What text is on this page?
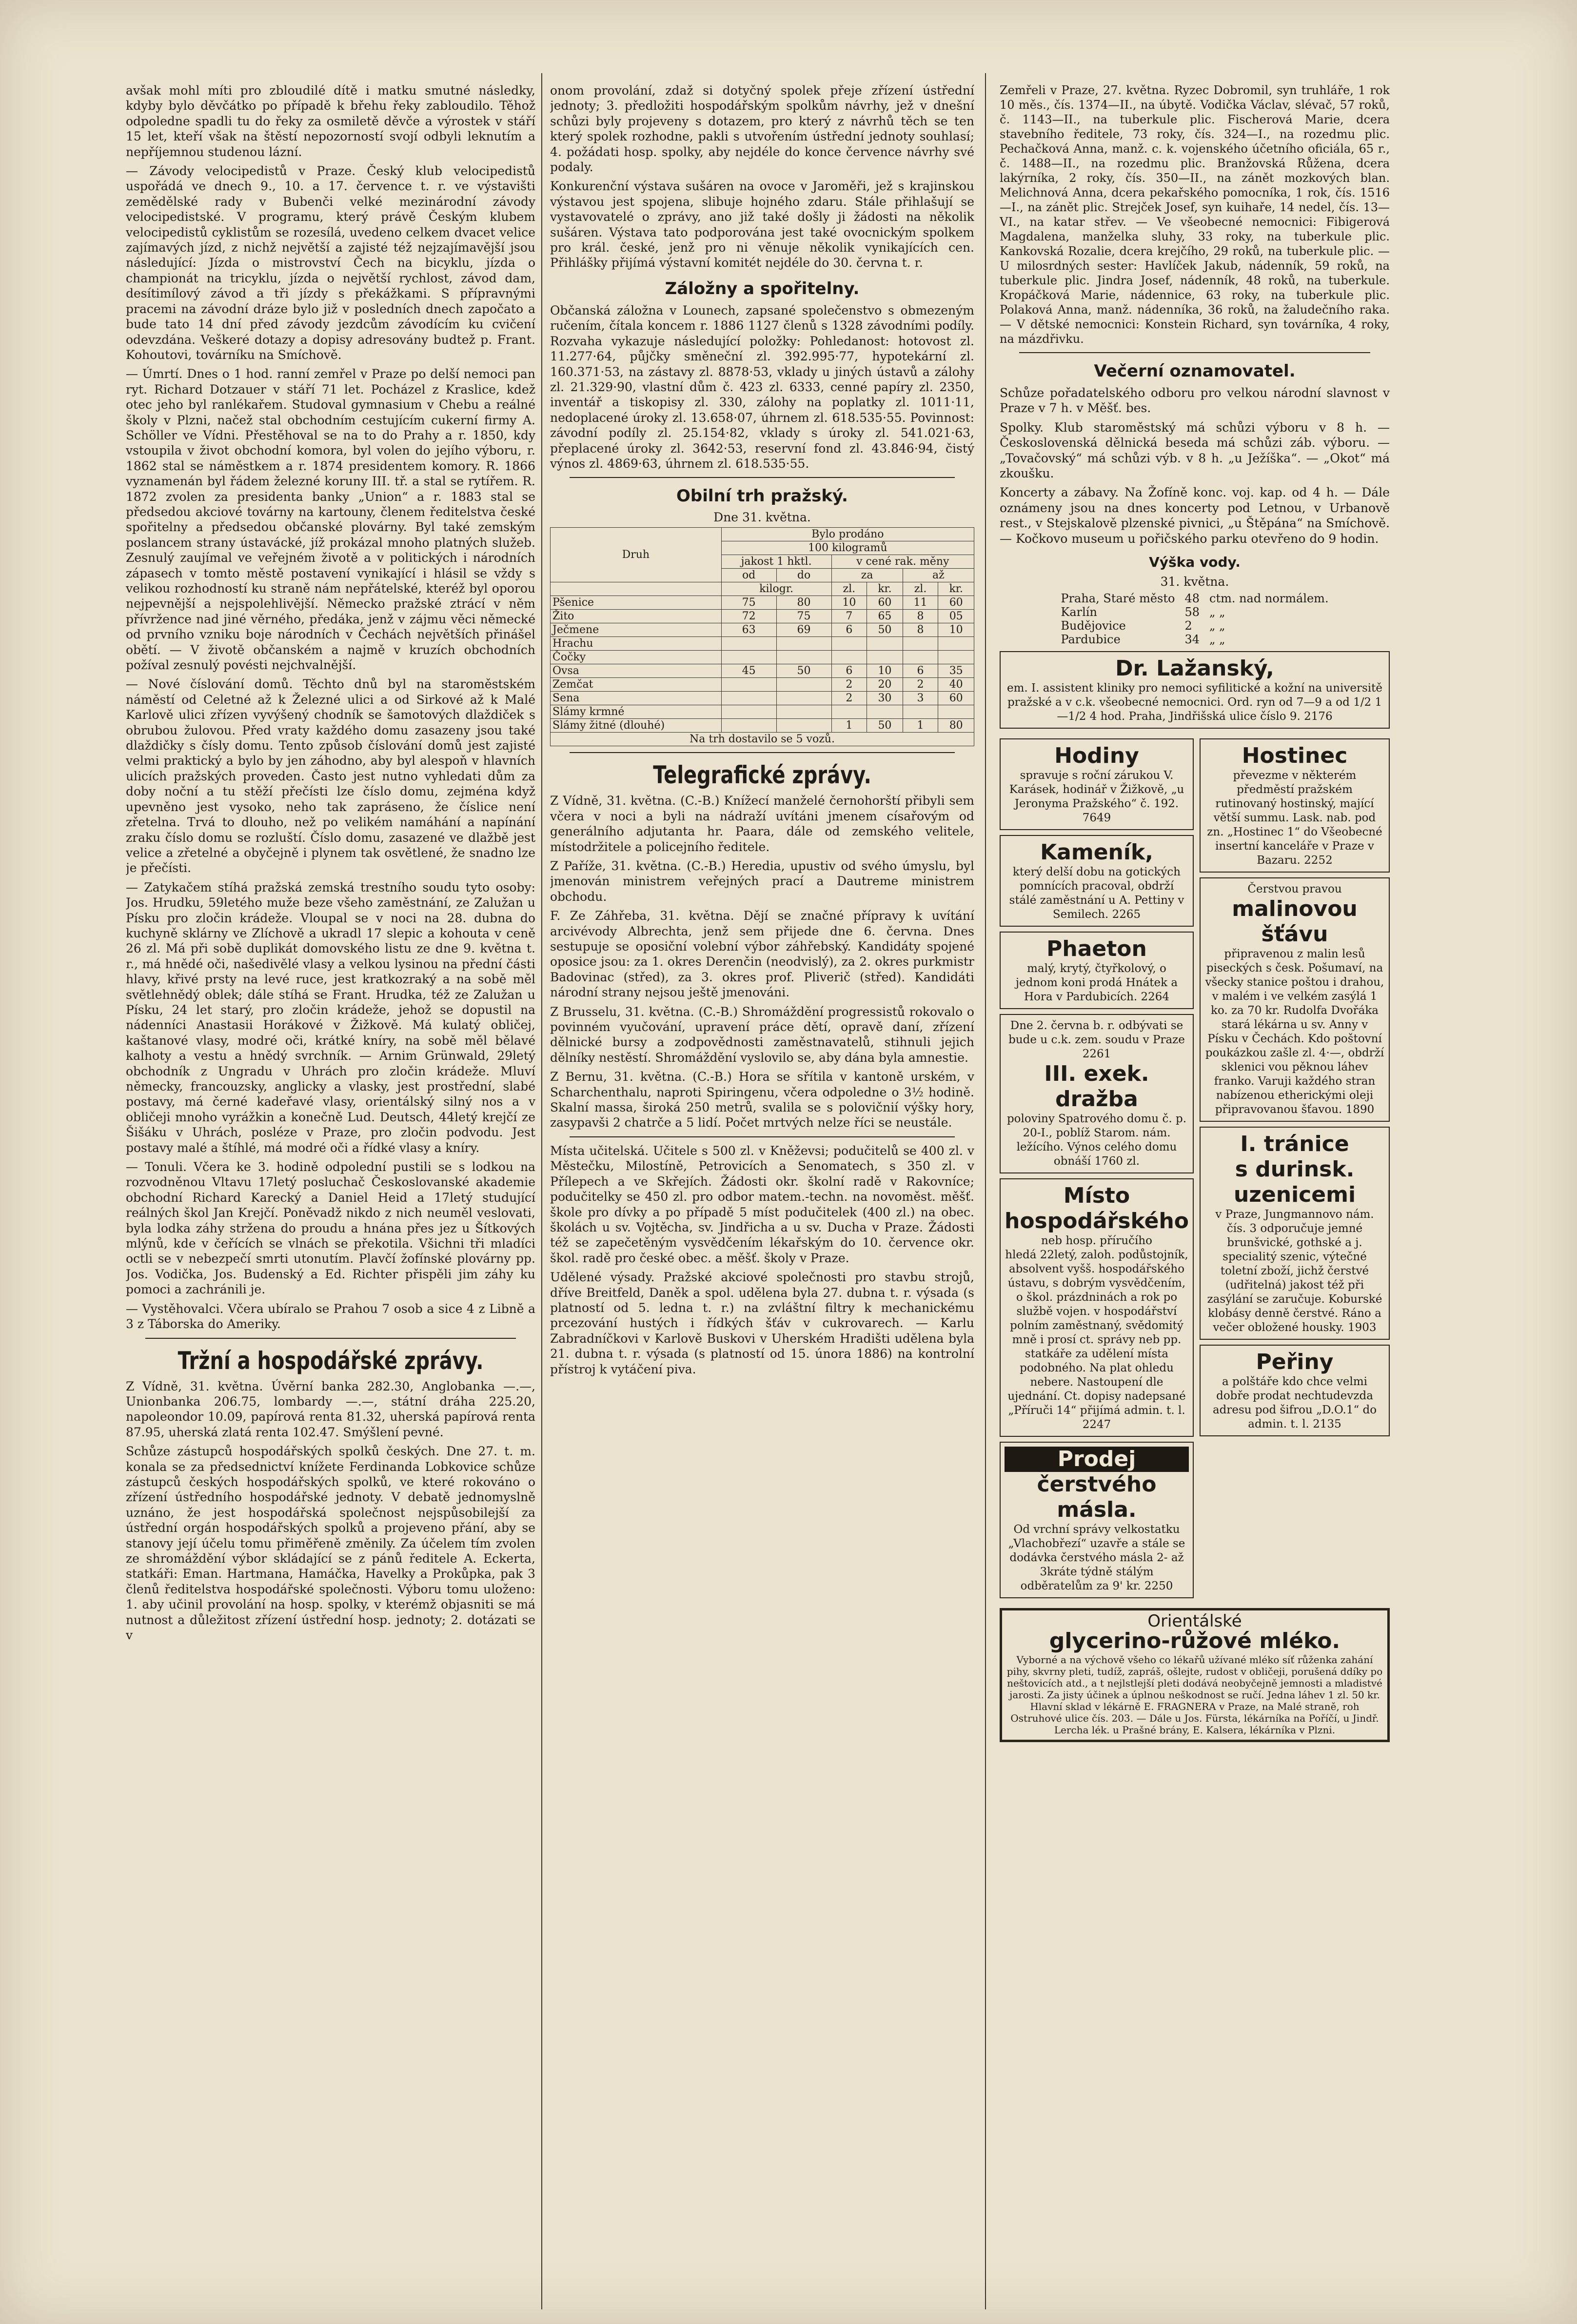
avšak mohl míti pro zbloudilé dítě i matku smutné následky, kdyby bylo děvčátko po případě k břehu řeky zabloudilo. Těhož odpoledne spadli tu do řeky za osmiletě děvče a výrostek v stáří 15 let, kteří však na štěstí nepozorností svojí odbyli leknutím a nepříjemnou studenou lázní.

— Závody velocipedistů v Praze. Český klub velocipedistů uspořádá ve dnech 9., 10. a 17. července t. r. ve výstavišti zemědělské rady v Bubenči velké mezinárodní závody velocipedistské. V programu, který právě Českým klubem velocipedistů cyklistům se rozesílá, uvedeno celkem dvacet velice zajímavých jízd, z nichž největší a zajisté též nejzajímavější jsou následující: Jízda o mistrovství Čech na bicyklu, jízda o championát na tricyklu, jízda o největší rychlost, závod dam, desítimílový závod a tři jízdy s překážkami. S přípravnými pracemi na závodní dráze bylo již v posledních dnech započato a bude tato 14 dní před závody jezdcům závodícím ku cvičení odevzdána. Veškeré dotazy a dopisy adresovány budtež p. Frant. Kohoutovi, továrníku na Smíchově.

— Úmrtí. Dnes o 1 hod. ranní zemřel v Praze po delší nemoci pan ryt. Richard Dotzauer v stáří 71 let. Pocházel z Kraslice, kdež otec jeho byl ranlékařem. Studoval gymnasium v Chebu a reálné školy v Plzni, načež stal obchodním cestujícím cukerní firmy A. Schöller ve Vídni. Přestěhoval se na to do Prahy a r. 1850, kdy vstoupila v život obchodní komora, byl volen do jejího výboru, r. 1862 stal se náměstkem a r. 1874 presidentem komory. R. 1866 vyznamenán byl řádem železné koruny III. tř. a stal se rytířem. R. 1872 zvolen za presidenta banky „Union“ a r. 1883 stal se předsedou akciové továrny na kartouny, členem ředitelstva české spořitelny a předsedou občanské plovárny. Byl také zemským poslancem strany ústavácké, jíž prokázal mnoho platných služeb. Zesnulý zaujímal ve veřejném životě a v politických i národních zápasech v tomto městě postavení vynikající i hlásil se vždy s velikou rozhodností ku straně nám nepřátelské, kteréž byl oporou nejpevnější a nejspolehlivější. Německo pražské ztrácí v něm přívržence nad jiné věrného, předáka, jenž v zájmu věci německé od prvního vzniku boje národních v Čechách největších přinášel obětí. — V životě občanském a najmě v kruzích obchodních požíval zesnulý povésti nejchvalnější.

— Nové číslování domů. Těchto dnů byl na staroměstském náměstí od Celetné až k Železné ulici a od Sirkové až k Malé Karlově ulici zřízen vyvýšený chodník se šamotových dlaždiček s obrubou žulovou. Před vraty každého domu zasazeny jsou také dlaždičky s čísly domu. Tento způsob číslování domů jest zajisté velmi praktický a bylo by jen záhodno, aby byl alespoň v hlavních ulicích pražských proveden. Často jest nutno vyhledati dům za doby noční a tu stěží přečísti lze číslo domu, zejména když upevněno jest vysoko, neho tak zapráseno, že číslice není zřetelna. Trvá to dlouho, než po velikém namáhání a napínání zraku číslo domu se rozluští. Číslo domu, zasazené ve dlažbě jest velice a zřetelné a obyčejně i plynem tak osvětlené, že snadno lze je přečísti.

— Zatykačem stíhá pražská zemská trestního soudu tyto osoby: Jos. Hrudku, 59letého muže beze všeho zaměstnání, ze Zalužan u Písku pro zločin krádeže. Vloupal se v noci na 28. dubna do kuchyně sklárny ve Zlíchově a ukradl 17 slepic a kohouta v ceně 26 zl. Má při sobě duplikát domovského listu ze dne 9. května t. r., má hnědé oči, našedivělé vlasy a velkou lysinou na přední části hlavy, křivé prsty na levé ruce, jest kratkozraký a na sobě měl světlehnědý oblek; dále stíhá se Frant. Hrudka, též ze Zalužan u Písku, 24 let starý, pro zločin krádeže, jehož se dopustil na nádenníci Anastasii Horákové v Žižkově. Má kulatý obličej, kaštanové vlasy, modré oči, krátké kníry, na sobě měl bělavé kalhoty a vestu a hnědý svrchník. — Arnim Grünwald, 29letý obchodník z Ungradu v Uhrách pro zločin krádeže. Mluví německy, francouzsky, anglicky a vlasky, jest prostřední, slabé postavy, má černé kadeřavé vlasy, orientálský silný nos a v obličeji mnoho vyrážkin a konečně Lud. Deutsch, 44letý krejčí ze Šišáku v Uhrách, posléze v Praze, pro zločin podvodu. Jest postavy malé a štíhlé, má modré oči a řídké vlasy a kníry.

— Tonuli. Včera ke 3. hodině odpolední pustili se s lodkou na rozvodněnou Vltavu 17letý posluchač Českoslovanské akademie obchodní Richard Karecký a Daniel Heid a 17letý studující reálných škol Jan Krejčí. Poněvadž nikdo z nich neuměl veslovati, byla lodka záhy stržena do proudu a hnána přes jez u Šítkových mlýnů, kde v čeřících se vlnách se překotila. Všichni tři mladíci octli se v nebezpečí smrti utonutím. Plavčí žofínské plovárny pp. Jos. Vodička, Jos. Budenský a Ed. Richter přispěli jim záhy ku pomoci a zachránili je.

— Vystěhovalci. Včera ubíralo se Prahou 7 osob a sice 4 z Libně a 3 z Táborska do Ameriky.

Tržní a hospodářské zprávy.

Z Vídně, 31. května. Úvěrní banka 282.30, Anglobanka —.—, Unionbanka 206.75, lombardy —.—, státní dráha 225.20, napoleondor 10.09, papírová renta 81.32, uherská papírová renta 87.95, uherská zlatá renta 102.47. Smýšlení pevné.

Schůze zástupců hospodářských spolků českých. Dne 27. t. m. konala se za předsednictví knížete Ferdinanda Lobkovice schůze zástupců českých hospodářských spolků, ve které rokováno o zřízení ústředního hospodářské jednoty. V debatě jednomyslně uznáno, že jest hospodářská společnost nejspůsobilejší za ústřední orgán hospodářských spolků a projeveno přání, aby se stanovy její účelu tomu přiměřeně změnily. Za účelem tím zvolen ze shromáždění výbor skládající se z pánů ředitele A. Eckerta, statkáři: Eman. Hartmana, Hamáčka, Havelky a Prokůpka, pak 3 členů ředitelstva hospodářské společnosti. Výboru tomu uloženo: 1. aby učinil provolání na hosp. spolky, v kterémž objasniti se má nutnost a důležitost zřízení ústřední hosp. jednoty; 2. dotázati se v

onom provolání, zdaž si dotyčný spolek přeje zřízení ústřední jednoty; 3. předložiti hospodářským spolkům návrhy, jež v dnešní schůzi byly projeveny s dotazem, pro který z návrhů těch se ten který spolek rozhodne, pakli s utvořením ústřední jednoty souhlasí; 4. požádati hosp. spolky, aby nejdéle do konce července návrhy své podaly.

Konkurenční výstava sušáren na ovoce v Jaroměři, jež s krajinskou výstavou jest spojena, slibuje hojného zdaru. Stále přihlašují se vystavovatelé o zprávy, ano již také došly ji žádosti na několik sušáren. Výstava tato podporována jest také ovocnickým spolkem pro král. české, jenž pro ni věnuje několik vynikajících cen. Přihlášky přijímá výstavní komitét nejdéle do 30. června t. r.

Záložny a spořitelny.

Občanská záložna v Lounech, zapsané společenstvo s obmezeným ručením, čítala koncem r. 1886 1127 členů s 1328 závodními podíly. Rozvaha vykazuje následující položky: Pohledanost: hotovost zl. 11.277·64, půjčky směneční zl. 392.995·77, hypotekární zl. 160.371·53, na zástavy zl. 8878·53, vklady u jiných ústavů a zálohy zl. 21.329·90, vlastní dům č. 423 zl. 6333, cenné papíry zl. 2350, inventář a tiskopisy zl. 330, zálohy na poplatky zl. 1011·11, nedoplacené úroky zl. 13.658·07, úhrnem zl. 618.535·55. Povinnost: závodní podíly zl. 25.154·82, vklady s úroky zl. 541.021·63, přeplacené úroky zl. 3642·53, reservní fond zl. 43.846·94, čistý výnos zl. 4869·63, úhrnem zl. 618.535·55.

Obilní trh pražský.
Dne 31. května.
Druh	Bylo prodáno					
	100 kilogramů					
	jakost 1 hktl.		v cené rak. měny			
	od	do	za		až	
	kilogr.		zl.	kr.	zl.	kr.
Pšenice	75	80	10	60	11	60
Žito	72	75	7	65	8	05
Ječmene	63	69	6	50	8	10
Hrachu						
Čočky						
Ovsa	45	50	6	10	6	35
Zemčat			2	20	2	40
Sena			2	30	3	60
Slámy krmné						
Slámy žitné (dlouhé)			1	50	1	80
Na trh dostavilo se 5 vozů.						
Telegrafické zprávy.

Z Vídně, 31. května. (C.-B.) Knížecí manželé černohorští přibyli sem včera v noci a byli na nádraží uvítáni jmenem císařovým od generálního adjutanta hr. Paara, dále od zemského velitele, místodržitele a policejního ředitele.

Z Paříže, 31. května. (C.-B.) Heredia, upustiv od svého úmyslu, byl jmenován ministrem veřejných prací a Dautreme ministrem obchodu.

F. Ze Záhřeba, 31. května. Dějí se značné přípravy k uvítání arcivévody Albrechta, jenž sem přijede dne 6. června. Dnes sestupuje se oposiční volební výbor záhřebský. Kandidáty spojené oposice jsou: za 1. okres Derenčin (neodvislý), za 2. okres purkmistr Badovinac (střed), za 3. okres prof. Pliverič (střed). Kandidáti národní strany nejsou ještě jmenováni.

Z Brusselu, 31. května. (C.-B.) Shromáždění progressistů rokovalo o povinném vyučování, upravení práce dětí, opravě daní, zřízení dělnické bursy a zodpovědnosti zaměstnavatelů, stihnuli jejich dělníky nestěstí. Shromáždění vyslovilo se, aby dána byla amnestie.

Z Bernu, 31. května. (C.-B.) Hora se sřítila v kantoně urském, v Scharchenthalu, naproti Spiringenu, včera odpoledne o 3½ hodině. Skalní massa, široká 250 metrů, svalila se s polovičnií výšky hory, zasypavši 2 chatrče a 5 lidí. Počet mrtvých nelze říci se neustále.

Místa učitelská. Učitele s 500 zl. v Kněževsi; podučitelů se 400 zl. v Městečku, Milostíně, Petrovicích a Senomatech, s 350 zl. v Přílepech a ve Skřejích. Žádosti okr. školní radě v Rakovníce; podučitelky se 450 zl. pro odbor matem.-techn. na novoměst. měšť. škole pro dívky a po případě 5 míst podučitelek (400 zl.) na obec. školách u sv. Vojtěcha, sv. Jindřicha a u sv. Ducha v Praze. Žádosti též se zapečetěným vysvědčením lékařským do 10. července okr. škol. radě pro české obec. a měšť. školy v Praze.

Udělené výsady. Pražské akciové společnosti pro stavbu strojů, dříve Breitfeld, Daněk a spol. udělena byla 27. dubna t. r. výsada (s platností od 5. ledna t. r.) na zvláštní filtry k mechanickému prcezování hustých i řídkých šťáv v cukrovarech. — Karlu Zabradníčkovi v Karlově Buskovi v Uherském Hradišti udělena byla 21. dubna t. r. výsada (s platností od 15. února 1886) na kontrolní přístroj k vytáčení piva.

Zemřeli v Praze, 27. května. Ryzec Dobromil, syn truhláře, 1 rok 10 měs., čís. 1374—II., na úbytě. Vodička Václav, slévač, 57 roků, č. 1143—II., na tuberkule plic. Fischerová Marie, dcera stavebního ředitele, 73 roky, čís. 324—I., na rozedmu plic. Pechačková Anna, manž. c. k. vojenského účetního oficiála, 65 r., č. 1488—II., na rozedmu plic. Branžovská Růžena, dcera lakýrníka, 2 roky, čís. 350—II., na zánět mozkových blan. Melichnová Anna, dcera pekařského pomocníka, 1 rok, čís. 1516—I., na zánět plic. Strejček Josef, syn kuihaře, 14 nedel, čís. 13—VI., na katar střev. — Ve všeobecné nemocnici: Fibigerová Magdalena, manželka sluhy, 33 roky, na tuberkule plic. Kankovská Rozalie, dcera krejčího, 29 roků, na tuberkule plic. — U milosrdných sester: Havlíček Jakub, nádenník, 59 roků, na tuberkule plic. Jindra Josef, nádenník, 48 roků, na tuberkule. Kropáčková Marie, nádennice, 63 roky, na tuberkule plic. Polaková Anna, manž. nádenníka, 36 roků, na žaludečního raka. — V dětské nemocnici: Konstein Richard, syn továrníka, 4 roky, na mázdřivku.

Večerní oznamovatel.

Schůze pořadatelského odboru pro velkou národní slavnost v Praze v 7 h. v Měšť. bes.

Spolky. Klub staroměstský má schůzi výboru v 8 h. — Československá dělnická beseda má schůzi záb. výboru. — „Tovačovský“ má schůzi výb. v 8 h. „u Ježíška“. — „Okot“ má zkoušku.

Koncerty a zábavy. Na Žofíně konc. voj. kap. od 4 h. — Dále oznámeny jsou na dnes koncerty pod Letnou, v Urbanově rest., v Stejskalově plzenské pivnici, „u Štěpána“ na Smíchově. — Kočkovo museum u pořičského parku otevřeno do 9 hodin.

Výška vody.
31. května.
Praha, Staré město	48	ctm. nad normálem.
Karlín	58	„ „
Budějovice	2	„ „
Pardubice	34	„ „
Dr. Lažanský,
em. I. assistent kliniky pro nemoci syfilitické a kožní na universitě pražské a v c.k. všeobecné nemocnici. Ord. ryn od 7—9 a od 1/2 1—1/2 4 hod. Praha, Jindřišská ulice číslo 9. 2176
Hodiny
spravuje s roční zárukou V. Karásek, hodinář v Žižkově, „u Jeronyma Pražského“ č. 192. 7649
Kameník,
který delší dobu na gotických pomnících pracoval, obdrží stálé zaměstnání u A. Pettiny v Semilech. 2265
Phaeton
malý, krytý, čtyřkolový, o jednom koni prodá Hnátek a Hora v Pardubicích. 2264
Dne 2. června b. r. odbývati se bude u c.k. zem. soudu v Praze 2261
III. exek. dražba
poloviny Spatrového domu č. p. 20-I., poblíž Starom. nám. ležícího. Výnos celého domu obnáší 1760 zl.
Místo
hospodářského
neb hosp. příručího
hledá 22letý, zaloh. podůstojník, absolvent vyšš. hospodářského ústavu, s dobrým vysvědčením, o škol. prázdninách a rok po službě vojen. v hospodářství polním zaměstnaný, svědomitý mně i prosí ct. správy neb pp. statkáře za udělení místa podobného. Na plat ohledu nebere. Nastoupení dle ujednání. Ct. dopisy nadepsané „Příruči 14“ přijímá admin. t. l. 2247
Prodej
čerstvého másla.
Od vrchní správy velkostatku „Vlachobřezí“ uzavře a stále se dodávka čerstvého másla 2- až 3kráte týdně stálým odběratelům za 9' kr. 2250
Hostinec
převezme v některém předměstí pražském rutinovaný hostinský, mající větší summu. Lask. nab. pod zn. „Hostinec 1“ do Všeobecné insertní kanceláře v Praze v Bazaru. 2252
Čerstvou pravou
malinovou šťávu
připravenou z malin lesů piseckých s česk. Pošumaví, na všecky stanice poštou i drahou, v malém i ve velkém zasýlá 1 ko. za 70 kr. Rudolfa Dvořáka stará lékárna u sv. Anny v Písku v Čechách. Kdo poštovní poukázkou zašle zl. 4·—, obdrží sklenici vou pěknou láhev franko. Varuji každého stran nabízenou etherickými oleji připravovanou šťavou. 1890
I. tránice
s durinsk. uzenicemi
v Praze, Jungmannovo nám. čís. 3 odporučuje jemné brunšvické, gothské a j. specialitý szenic, výtečné toletní zboží, jichž čerstvé (udřitelná) jakost též při zasýlání se zaručuje. Koburské klobásy denně čerstvé. Ráno a večer obložené housky. 1903
Peřiny
a polštáře kdo chce velmi dobře prodat nechtudevzda adresu pod šifrou „D.O.1“ do admin. t. l. 2135
Orientálské
glycerino-růžové mléko.
Vyborné a na výchově všeho co lékařů užívané mléko síť růženka zahání pihy, skvrny pleti, tudíž, zapráš, ošlejte, rudost v obličeji, porušená ddíky po neštovicích atd., a t nejlstlejší pleti dodává neobyčejně jemnosti a mladistvé jarosti. Za jisty účinek a úplnou neškodnost se ručí. Jedna láhev 1 zl. 50 kr.
Hlavní sklad v lékárně E. FRAGNERA v Praze, na Malé straně, roh Ostruhové ulice čís. 203. — Dále u Jos. Fürsta, lékárníka na Poříčí, u Jindř. Lercha lék. u Prašné brány, E. Kalsera, lékárníka v Plzni.
